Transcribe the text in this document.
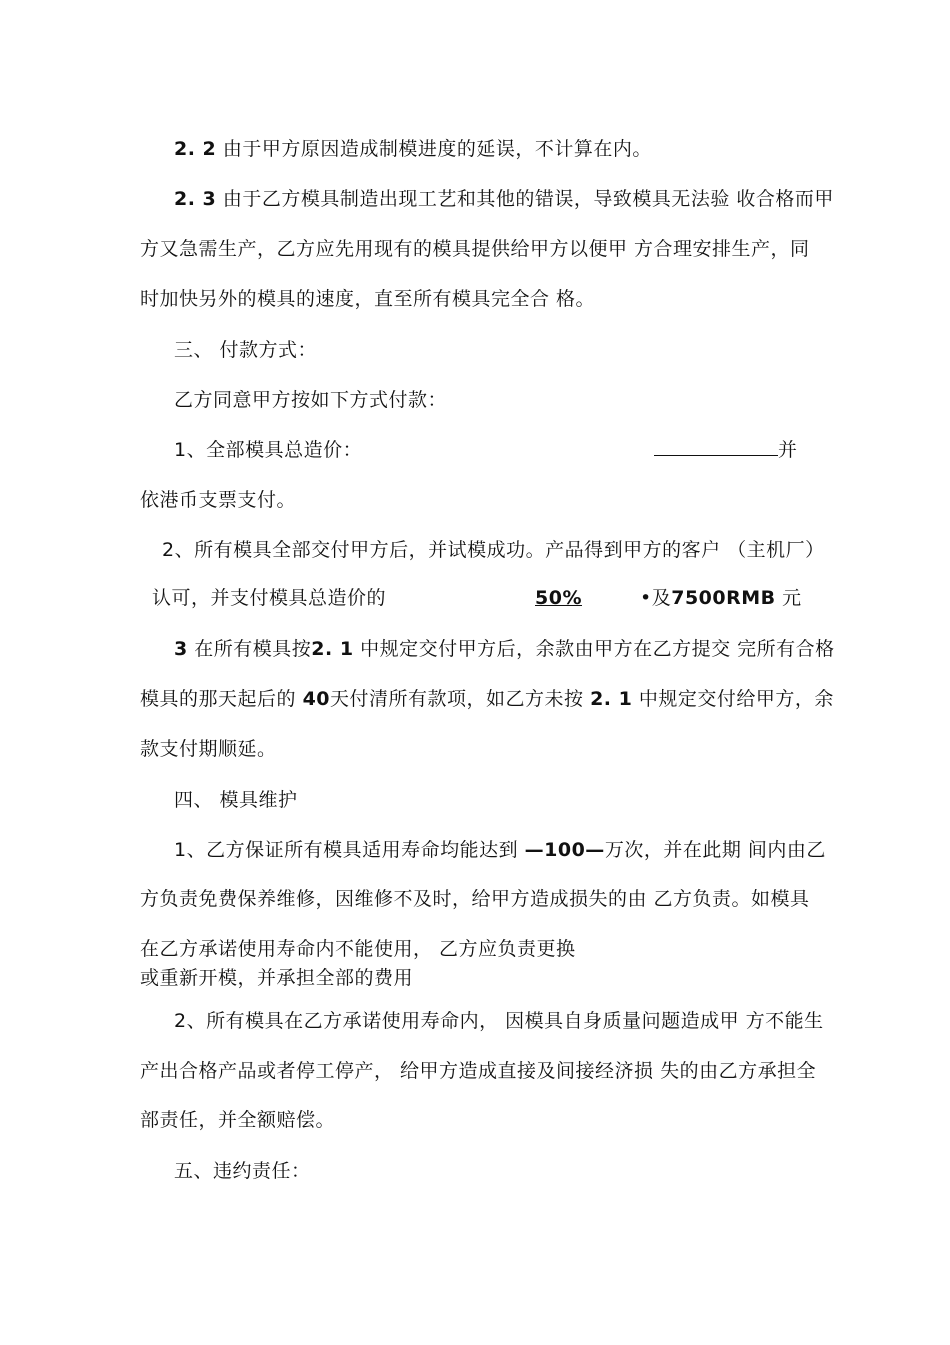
2. 2 由于甲方原因造成制模进度的延误，不计算在内。
2. 3 由于乙方模具制造出现工艺和其他的错误，导致模具无法验 收合格而甲
方又急需生产，乙方应先用现有的模具提供给甲方以便甲 方合理安排生产，同
时加快另外的模具的速度，直至所有模具完全合 格。
三、 付款方式：
乙方同意甲方按如下方式付款：
1、全部模具总造价：	并
依港币支票支付。
2、所有模具全部交付甲方后，并试模成功。产品得到甲方的客户 （主机厂）
认可，并支付模具总造价的	50%	•及7500RMB 元
3 在所有模具按2. 1 中规定交付甲方后，余款由甲方在乙方提交 完所有合格
模具的那天起后的 40天付清所有款项，如乙方未按 2. 1 中规定交付给甲方，余
款支付期顺延。
四、 模具维护
1、乙方保证所有模具适用寿命均能达到 —100—万次，并在此期 间内由乙
方负责免费保养维修，因维修不及时，给甲方造成损失的由 乙方负责。如模具
在乙方承诺使用寿命内不能使用， 乙方应负责更换
或重新开模，并承担全部的费用
2、所有模具在乙方承诺使用寿命内， 因模具自身质量问题造成甲 方不能生
产出合格产品或者停工停产， 给甲方造成直接及间接经济损 失的由乙方承担全
部责任，并全额赔偿。
五、违约责任：
